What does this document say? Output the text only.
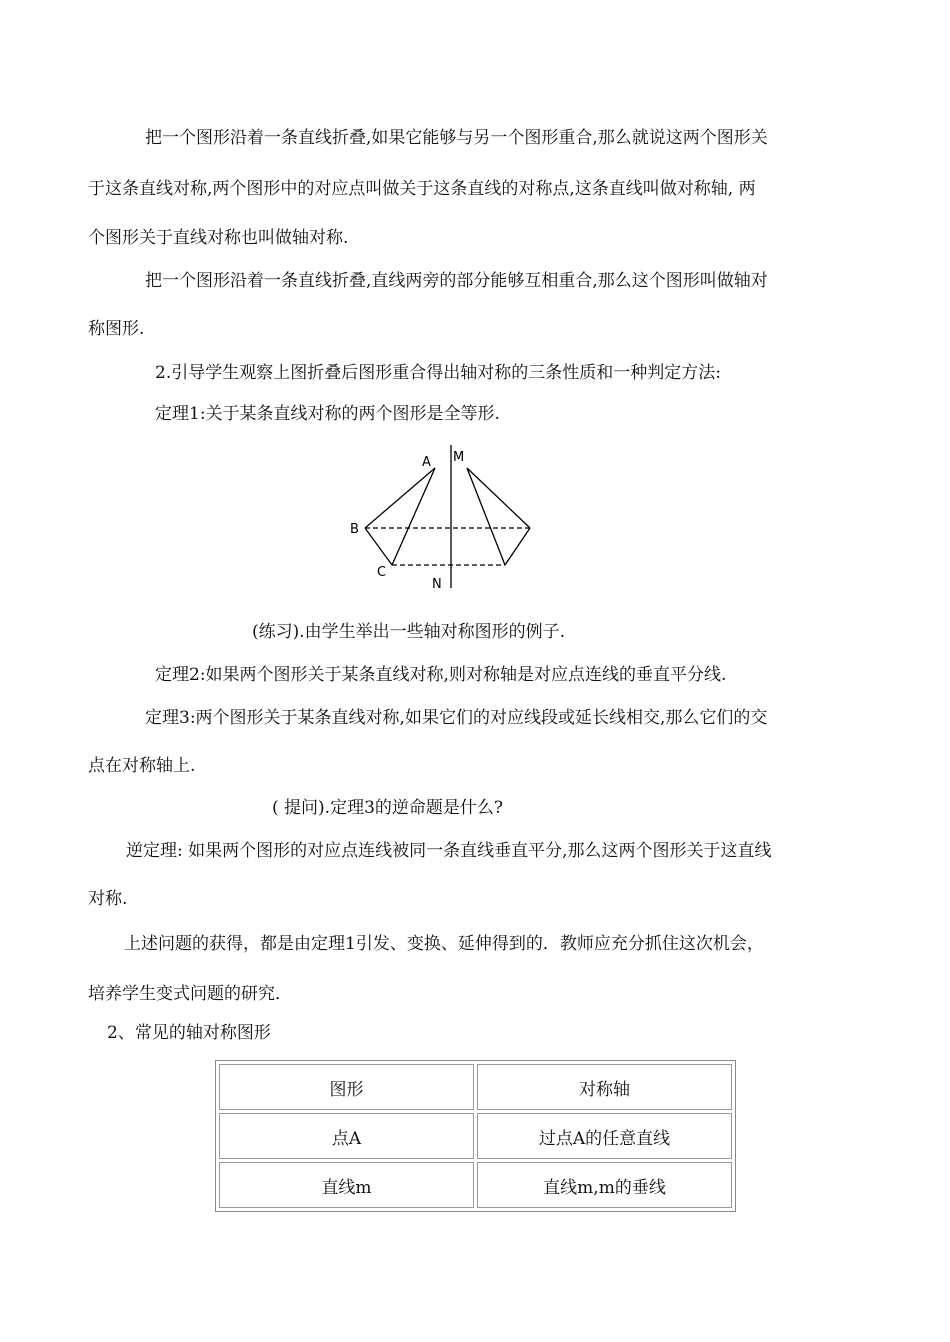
把一个图形沿着一条直线折叠,如果它能够与另一个图形重合,那么就说这两个图形关
于这条直线对称,两个图形中的对应点叫做关于这条直线的对称点,这条直线叫做对称轴, 两
个图形关于直线对称也叫做轴对称.
把一个图形沿着一条直线折叠,直线两旁的部分能够互相重合,那么这个图形叫做轴对
称图形.
2.引导学生观察上图折叠后图形重合得出轴对称的三条性质和一种判定方法:
定理1:关于某条直线对称的两个图形是全等形.
A M
B
C
N
(练习).由学生举出一些轴对称图形的例子.
定理2:如果两个图形关于某条直线对称,则对称轴是对应点连线的垂直平分线.
定理3:两个图形关于某条直线对称,如果它们的对应线段或延长线相交,那么它们的交
点在对称轴上.
( 提问).定理3的逆命题是什么?
逆定理: 如果两个图形的对应点连线被同一条直线垂直平分,那么这两个图形关于这直线
对称.
上述问题的获得，都是由定理1引发、变换、延伸得到的．教师应充分抓住这次机会，
培养学生变式问题的研究．
2、常见的轴对称图形
图形	对称轴
点A	过点A的任意直线
直线m	直线m,m的垂线
